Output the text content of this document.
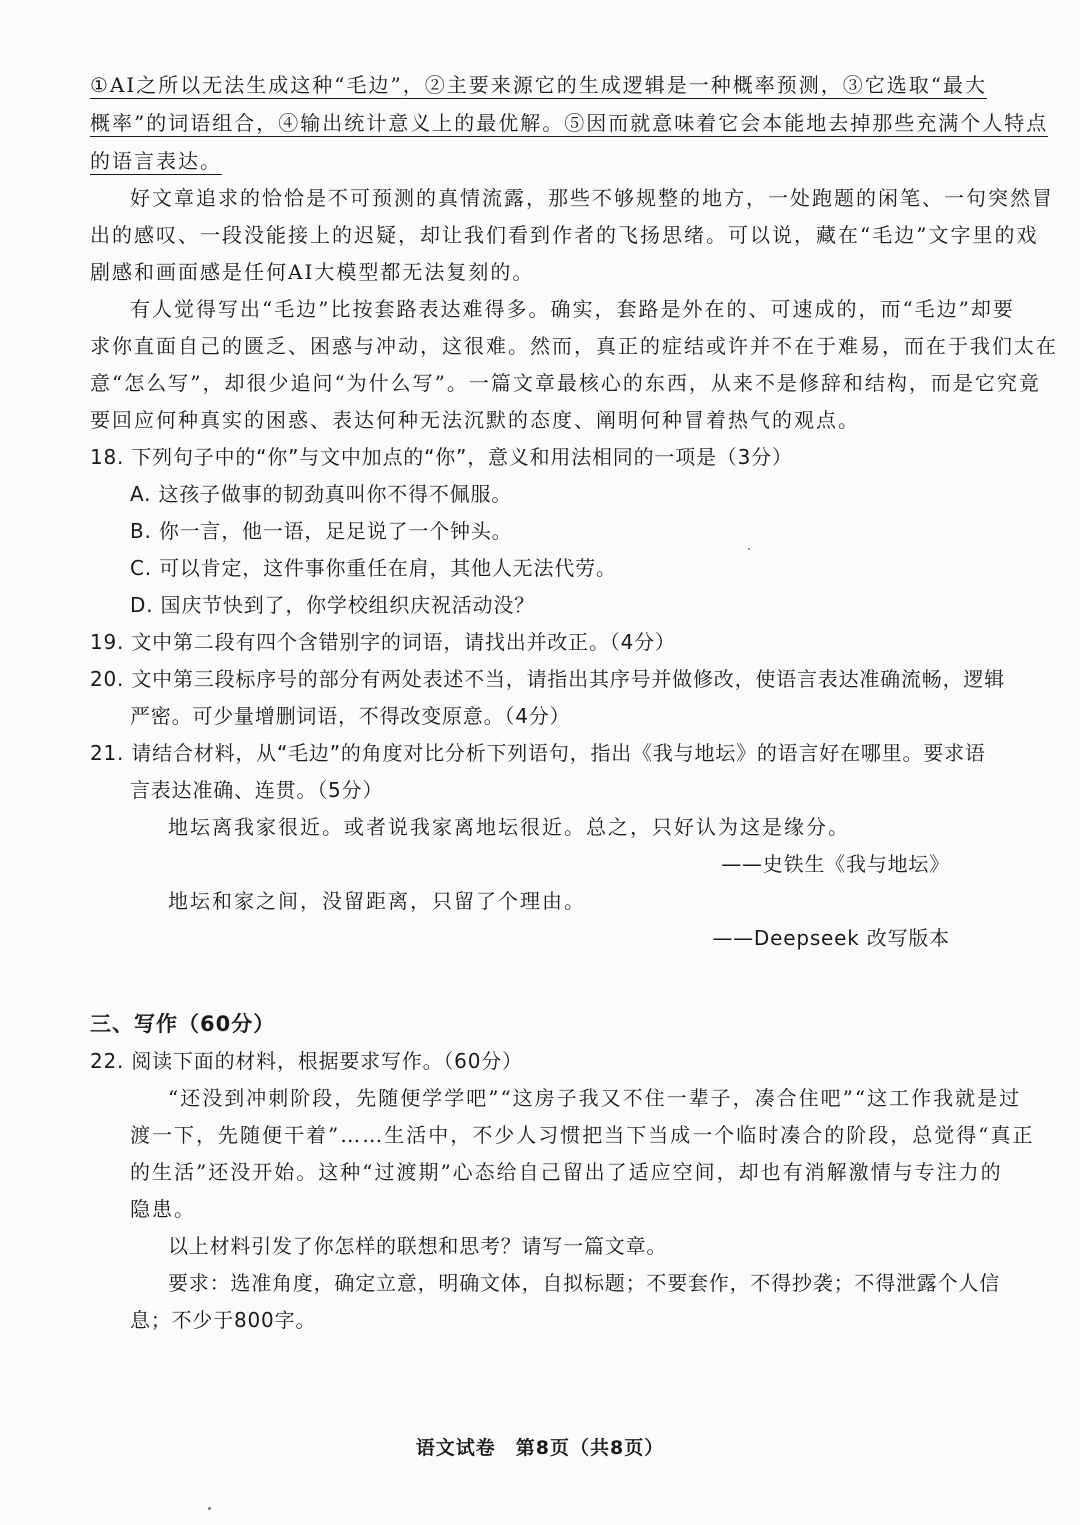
①AI之所以无法生成这种“毛边”，②主要来源它的生成逻辑是一种概率预测，③它选取“最大
概率”的词语组合，④输出统计意义上的最优解。⑤因而就意味着它会本能地去掉那些充满个人特点
的语言表达。
好文章追求的恰恰是不可预测的真情流露，那些不够规整的地方，一处跑题的闲笔、一句突然冒
出的感叹、一段没能接上的迟疑，却让我们看到作者的飞扬思绪。可以说，藏在“毛边”文字里的戏
剧感和画面感是任何AI大模型都无法复刻的。
有人觉得写出“毛边”比按套路表达难得多。确实，套路是外在的、可速成的，而“毛边”却要
求你直面自己的匮乏、困惑与冲动，这很难。然而，真正的症结或许并不在于难易，而在于我们太在
意“怎么写”，却很少追问“为什么写”。一篇文章最核心的东西，从来不是修辞和结构，而是它究竟
要回应何种真实的困惑、表达何种无法沉默的态度、阐明何种冒着热气的观点。
18. 下列句子中的“你”与文中加点的“你”，意义和用法相同的一项是（3分）
A. 这孩子做事的韧劲真叫你不得不佩服。
B. 你一言，他一语，足足说了一个钟头。
C. 可以肯定，这件事你重任在肩，其他人无法代劳。
D. 国庆节快到了，你学校组织庆祝活动没？
19. 文中第二段有四个含错别字的词语，请找出并改正。（4分）
20. 文中第三段标序号的部分有两处表述不当，请指出其序号并做修改，使语言表达准确流畅，逻辑
严密。可少量增删词语，不得改变原意。（4分）
21. 请结合材料，从“毛边”的角度对比分析下列语句，指出《我与地坛》的语言好在哪里。要求语
言表达准确、连贯。（5分）
地坛离我家很近。或者说我家离地坛很近。总之，只好认为这是缘分。
——史铁生《我与地坛》
地坛和家之间，没留距离，只留了个理由。
——Deepseek 改写版本
三、写作（60分）
22. 阅读下面的材料，根据要求写作。（60分）
“还没到冲刺阶段，先随便学学吧”“这房子我又不住一辈子，凑合住吧”“这工作我就是过
渡一下，先随便干着”……生活中，不少人习惯把当下当成一个临时凑合的阶段，总觉得“真正
的生活”还没开始。这种“过渡期”心态给自己留出了适应空间，却也有消解激情与专注力的
隐患。
以上材料引发了你怎样的联想和思考？请写一篇文章。
要求：选准角度，确定立意，明确文体，自拟标题；不要套作，不得抄袭；不得泄露个人信
息；不少于800字。
语文试卷　第8页（共8页）
